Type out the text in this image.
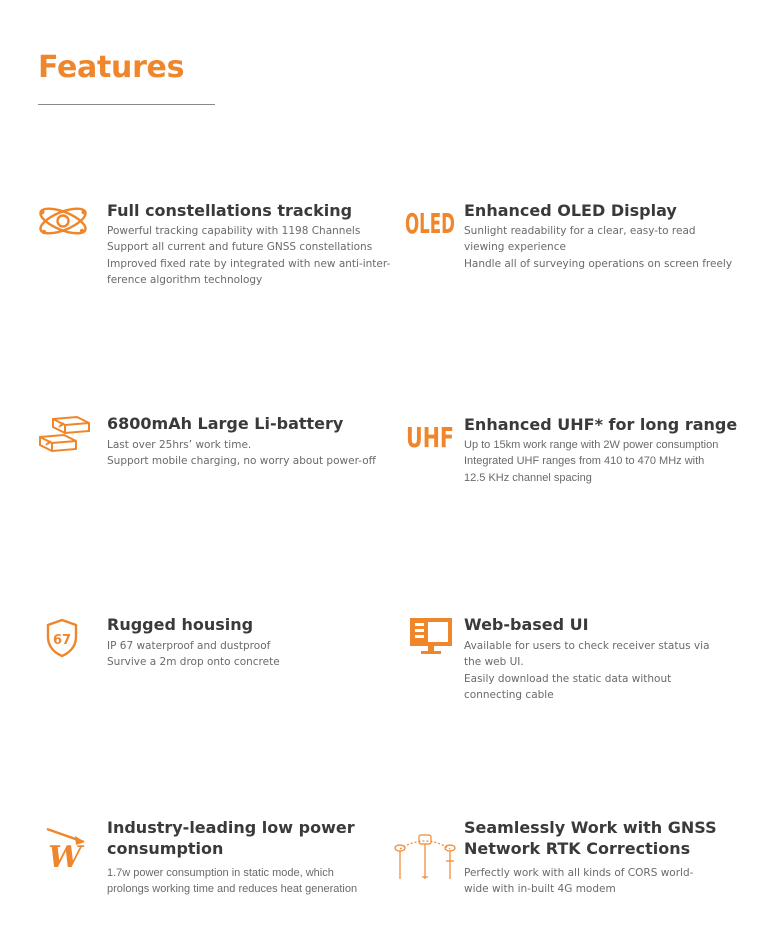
Features
Full constellations tracking
Powerful tracking capability with 1198 Channels
Support all current and future GNSS constellations
Improved fixed rate by integrated with new anti-inter-
ference algorithm technology
OLED Enhanced OLED Display
Sunlight readability for a clear, easy-to read
viewing experience
Handle all of surveying operations on screen freely
6800mAh Large Li-battery
Last over 25hrs’ work time.
Support mobile charging, no worry about power-off
UHF Enhanced UHF* for long range
Up to 15km work range with 2W power consumption
Integrated UHF ranges from 410 to 470 MHz with
12.5 KHz channel spacing
67
Rugged housing
IP 67 waterproof and dustproof
Survive a 2m drop onto concrete
Web-based UI
Available for users to check receiver status via
the web UI.
Easily download the static data without
connecting cable
W
Industry-leading low power
consumption
1.7w power consumption in static mode, which
prolongs working time and reduces heat generation
Seamlessly Work with GNSS
Network RTK Corrections
Perfectly work with all kinds of CORS world-
wide with in-built 4G modem
